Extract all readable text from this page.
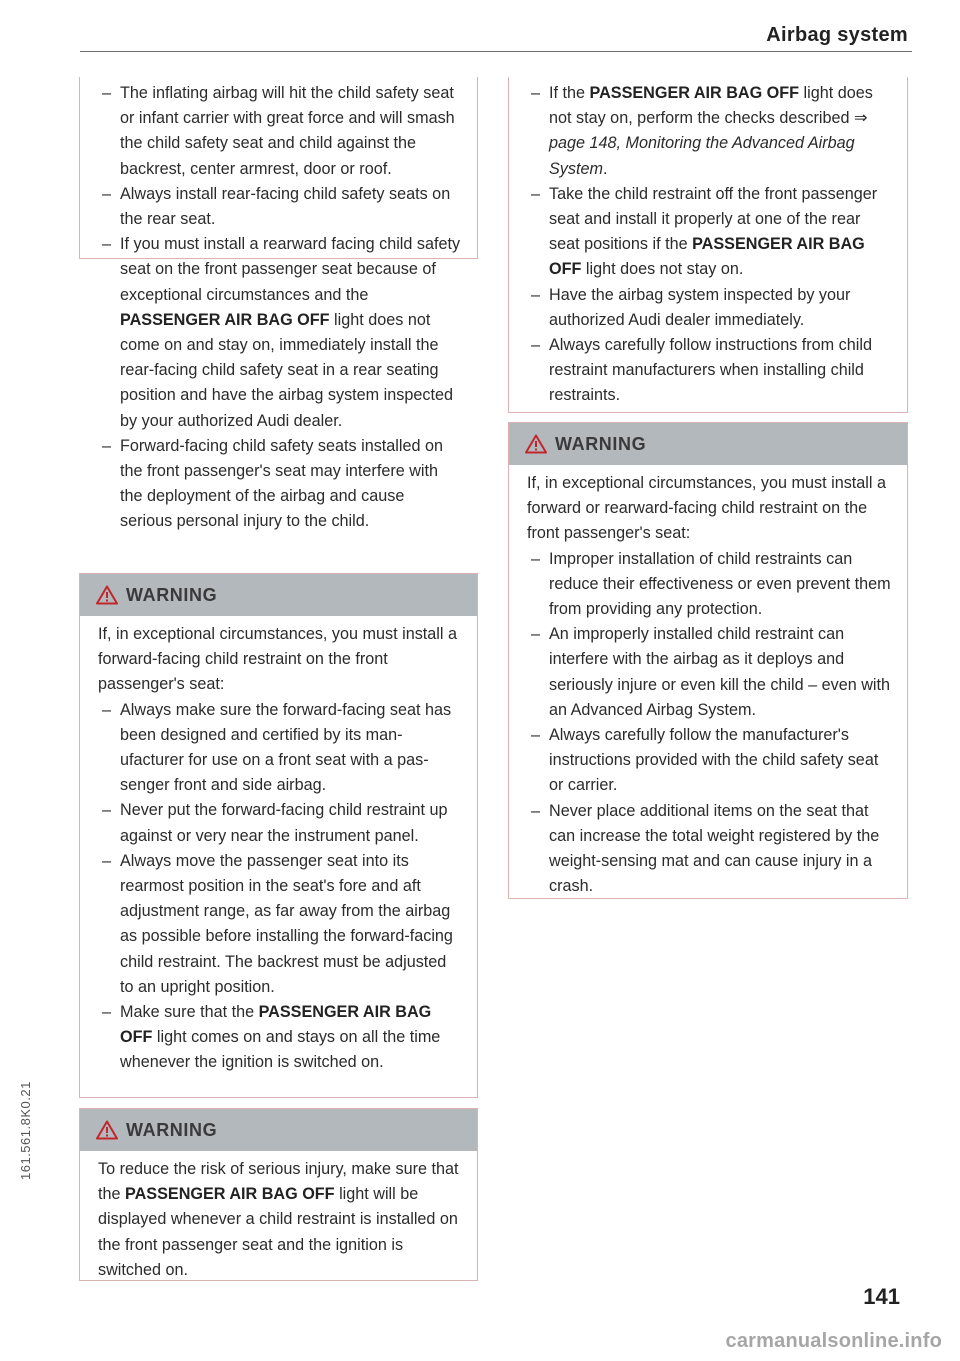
Airbag system
– The inflating airbag will hit the child safety seat or infant carrier with great force and will smash the child safety seat and child against the backrest, center armrest, door or roof.
– Always install rear-facing child safety seats on the rear seat.
– If you must install a rearward facing child safety seat on the front passenger seat because of exceptional circumstances and the PASSENGER AIR BAG OFF light does not come on and stay on, immediately install the rear-facing child safety seat in a rear seating position and have the airbag system inspected by your authorized Audi dealer.
– Forward-facing child safety seats installed on the front passenger's seat may interfere with the deployment of the airbag and cause serious personal injury to the child.
WARNING

If, in exceptional circumstances, you must install a forward-facing child restraint on the front passenger's seat:

– Always make sure the forward-facing seat has been designed and certified by its manufacturer for use on a front seat with a passenger front and side airbag.
– Never put the forward-facing child restraint up against or very near the instrument panel.
– Always move the passenger seat into its rearmost position in the seat's fore and aft adjustment range, as far away from the airbag as possible before installing the forward-facing child restraint. The backrest must be adjusted to an upright position.
– Make sure that the PASSENGER AIR BAG OFF light comes on and stays on all the time whenever the ignition is switched on.
WARNING

To reduce the risk of serious injury, make sure that the PASSENGER AIR BAG OFF light will be displayed whenever a child restraint is installed on the front passenger seat and the ignition is switched on.

– If the PASSENGER AIR BAG OFF light does not stay on, perform the checks described ⇒ page 148, Monitoring the Advanced Airbag System.
– Take the child restraint off the front passenger seat and install it properly at one of the rear seat positions if the PASSENGER AIR BAG OFF light does not stay on.
– Have the airbag system inspected by your authorized Audi dealer immediately.
– Always carefully follow instructions from child restraint manufacturers when installing child restraints.
WARNING

If, in exceptional circumstances, you must install a forward or rearward-facing child restraint on the front passenger's seat:

– Improper installation of child restraints can reduce their effectiveness or even prevent them from providing any protection.
– An improperly installed child restraint can interfere with the airbag as it deploys and seriously injure or even kill the child – even with an Advanced Airbag System.
– Always carefully follow the manufacturer's instructions provided with the child safety seat or carrier.
– Never place additional items on the seat that can increase the total weight registered by the weight-sensing mat and can cause injury in a crash.
161.561.8K0.21
141
carmanualsonline.info
